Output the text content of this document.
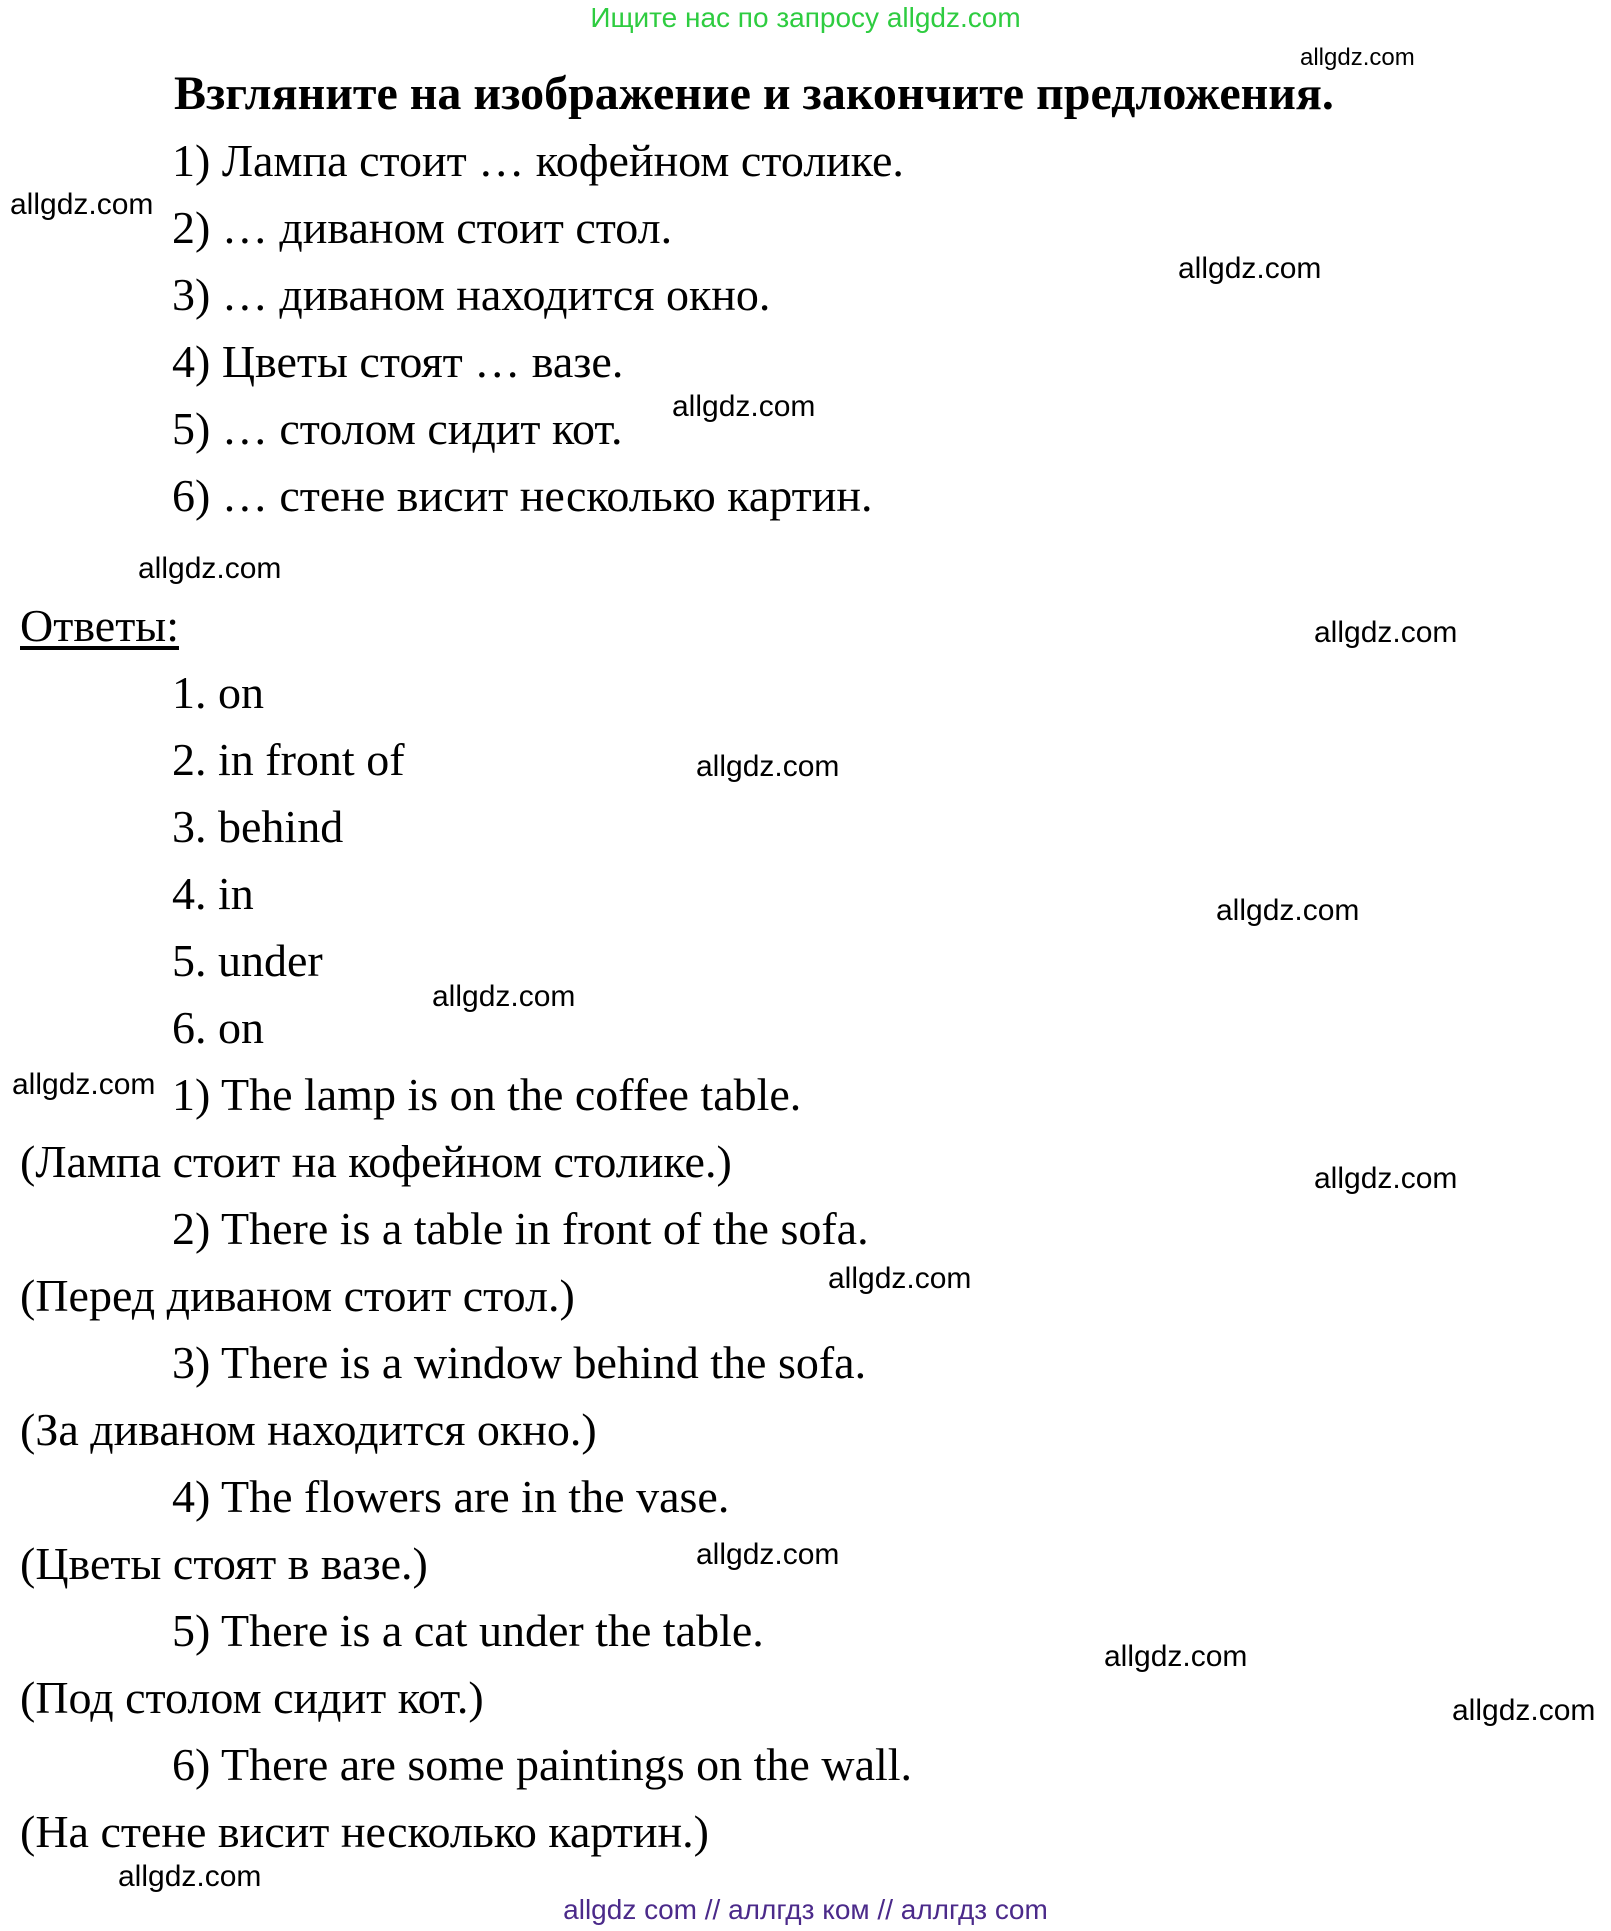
Ищите нас по запросу allgdz.com
Взгляните на изображение и закончите предложения.
1) Лампа стоит … кофейном столике.
2) … диваном стоит стол.
3) … диваном находится окно.
4) Цветы стоят … вазе.
5) … столом сидит кот.
6) … стене висит несколько картин.
Ответы:
1. on
2. in front of
3. behind
4. in
5. under
6. on
1) The lamp is on the coffee table.
(Лампа стоит на кофейном столике.)
2) There is a table in front of the sofa.
(Перед диваном стоит стол.)
3) There is a window behind the sofa.
(За диваном находится окно.)
4) The flowers are in the vase.
(Цветы стоят в вазе.)
5) There is a cat under the table.
(Под столом сидит кот.)
6) There are some paintings on the wall.
(На стене висит несколько картин.)
allgdz.com
allgdz.com
allgdz.com
allgdz.com
allgdz.com
allgdz.com
allgdz.com
allgdz.com
allgdz.com
allgdz.com
allgdz.com
allgdz.com
allgdz.com
allgdz.com
allgdz.com
allgdz.com
allgdz com // аллгдз ком // аллгдз com
